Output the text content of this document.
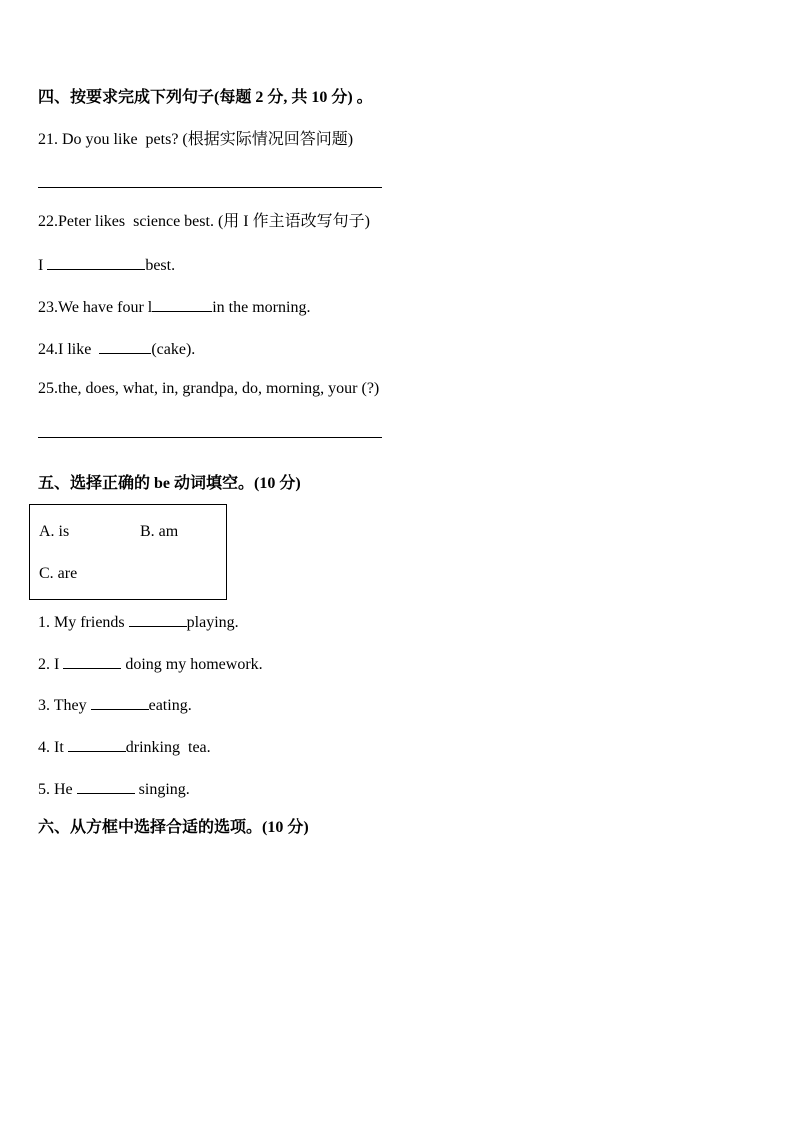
四、按要求完成下列句子(每题 2 分, 共 10 分) 。
21. Do you like  pets? (根据实际情况回答问题)
22.Peter likes  science best. (用 I 作主语改写句子)
I	best.
23.We have four l	in the morning.
24.I like	(cake).
25.the, does, what, in, grandpa, do, morning, your (?)
五、选择正确的 be 动词填空。(10 分)
A. is	B. am
C. are
1. My friends	playing.
2. I	doing my homework.
3. They	eating.
4. It	drinking  tea.
5. He	singing.
六、从方框中选择合适的选项。(10 分)
